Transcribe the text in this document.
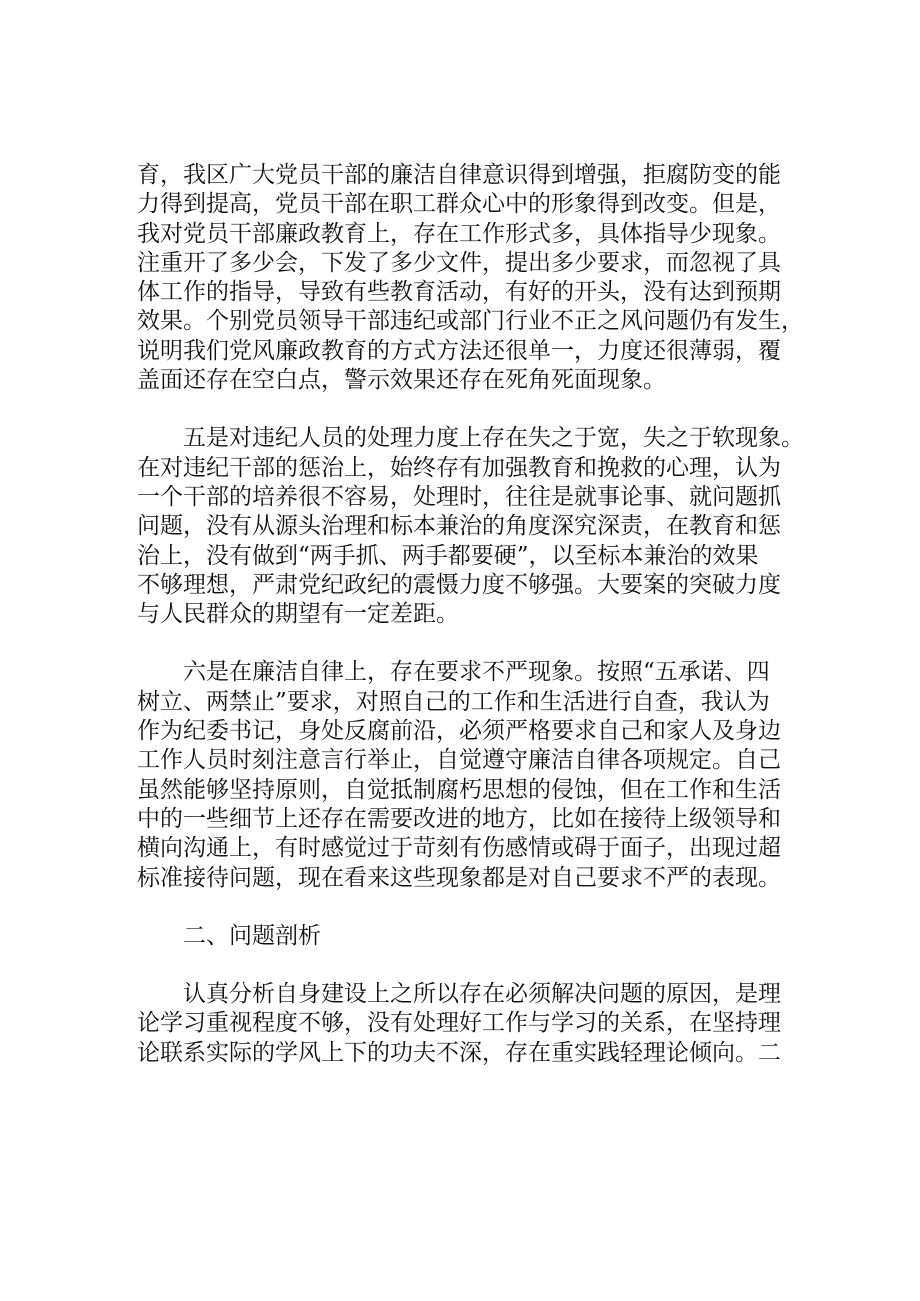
育，我区广大党员干部的廉洁自律意识得到增强，拒腐防变的能
力得到提高，党员干部在职工群众心中的形象得到改变。但是，
我对党员干部廉政教育上，存在工作形式多，具体指导少现象。
注重开了多少会，下发了多少文件，提出多少要求，而忽视了具
体工作的指导，导致有些教育活动，有好的开头，没有达到预期
效果。个别党员领导干部违纪或部门行业不正之风问题仍有发生，
说明我们党风廉政教育的方式方法还很单一，力度还很薄弱，覆
盖面还存在空白点，警示效果还存在死角死面现象。
五是对违纪人员的处理力度上存在失之于宽，失之于软现象。
在对违纪干部的惩治上，始终存有加强教育和挽救的心理，认为
一个干部的培养很不容易，处理时，往往是就事论事、就问题抓
问题，没有从源头治理和标本兼治的角度深究深责，在教育和惩
治上，没有做到“两手抓、两手都要硬”，以至标本兼治的效果
不够理想，严肃党纪政纪的震慑力度不够强。大要案的突破力度
与人民群众的期望有一定差距。
六是在廉洁自律上，存在要求不严现象。按照“五承诺、四
树立、两禁止”要求，对照自己的工作和生活进行自查，我认为
作为纪委书记，身处反腐前沿，必须严格要求自己和家人及身边
工作人员时刻注意言行举止，自觉遵守廉洁自律各项规定。自己
虽然能够坚持原则，自觉抵制腐朽思想的侵蚀，但在工作和生活
中的一些细节上还存在需要改进的地方，比如在接待上级领导和
横向沟通上，有时感觉过于苛刻有伤感情或碍于面子，出现过超
标准接待问题，现在看来这些现象都是对自己要求不严的表现。
二、问题剖析
认真分析自身建设上之所以存在必须解决问题的原因，是理
论学习重视程度不够，没有处理好工作与学习的关系，在坚持理
论联系实际的学风上下的功夫不深，存在重实践轻理论倾向。二
